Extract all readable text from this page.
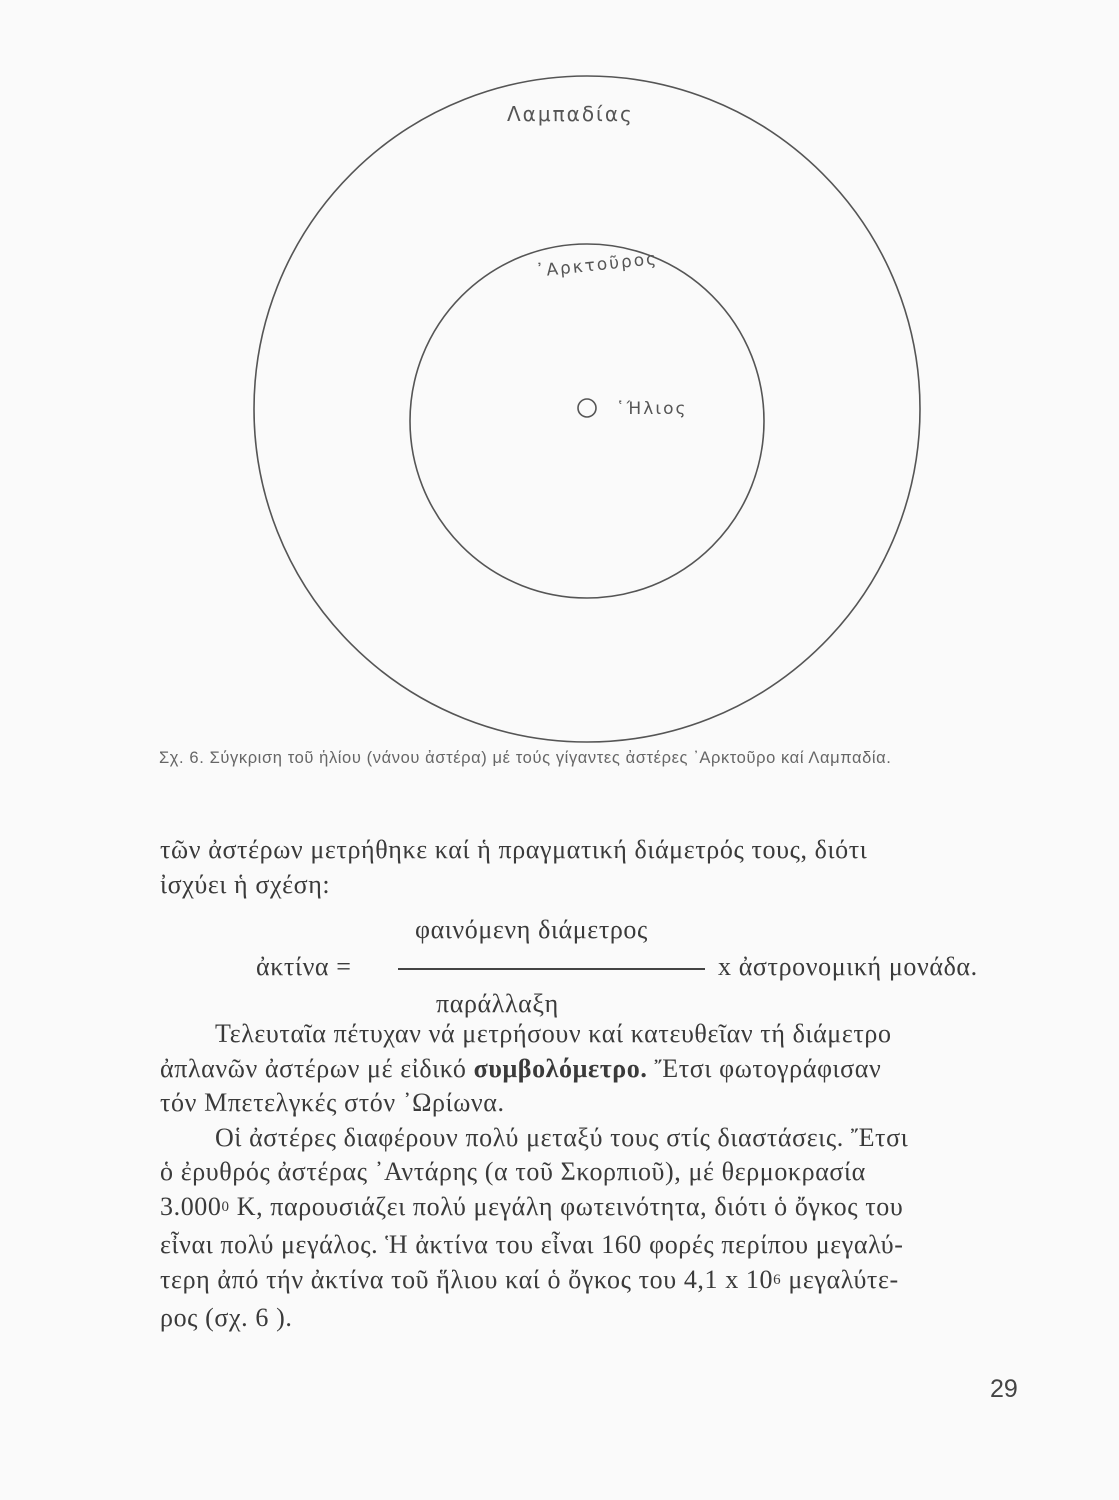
Λαμπαδίας
᾿Αρκτοῦρος
῾Ήλιος
Σχ. 6. Σύγκριση τοῦ ἡλίου (νάνου ἀστέρα) μέ τούς γίγαντες ἀστέρες ᾿Αρκτοῦρο καί Λαμπαδία.
τῶν ἀστέρων μετρήθηκε καί ἡ πραγματική διάμετρός τους, διότι
ἰσχύει ἡ σχέση:
φαινόμενη διάμετρος
ἀκτίνα =	x ἀστρονομική μονάδα.
παράλλαξη
Τελευταῖα πέτυχαν νά μετρήσουν καί κατευθεῖαν τή διάμετρο
ἀπλανῶν ἀστέρων μέ εἰδικό συμβολόμετρο. Ἔτσι φωτογράφισαν
τόν Μπετελγκές στόν ᾿Ωρίωνα.
Οἱ ἀστέρες διαφέρουν πολύ μεταξύ τους στίς διαστάσεις. Ἔτσι
ὁ ἐρυθρός ἀστέρας ᾿Αντάρης (α τοῦ Σκορπιοῦ), μέ θερμοκρασία
3.000$^0$ K, παρουσιάζει πολύ μεγάλη φωτεινότητα, διότι ὁ ὄγκος του
εἶναι πολύ μεγάλος. Ἡ ἀκτίνα του εἶναι 160 φορές περίπου μεγαλύ-
τερη ἀπό τήν ἀκτίνα τοῦ ἥλιου καί ὁ ὄγκος του 4,1 x $10^6$ μεγαλύτε-
ρος (σχ. 6 ).
29
